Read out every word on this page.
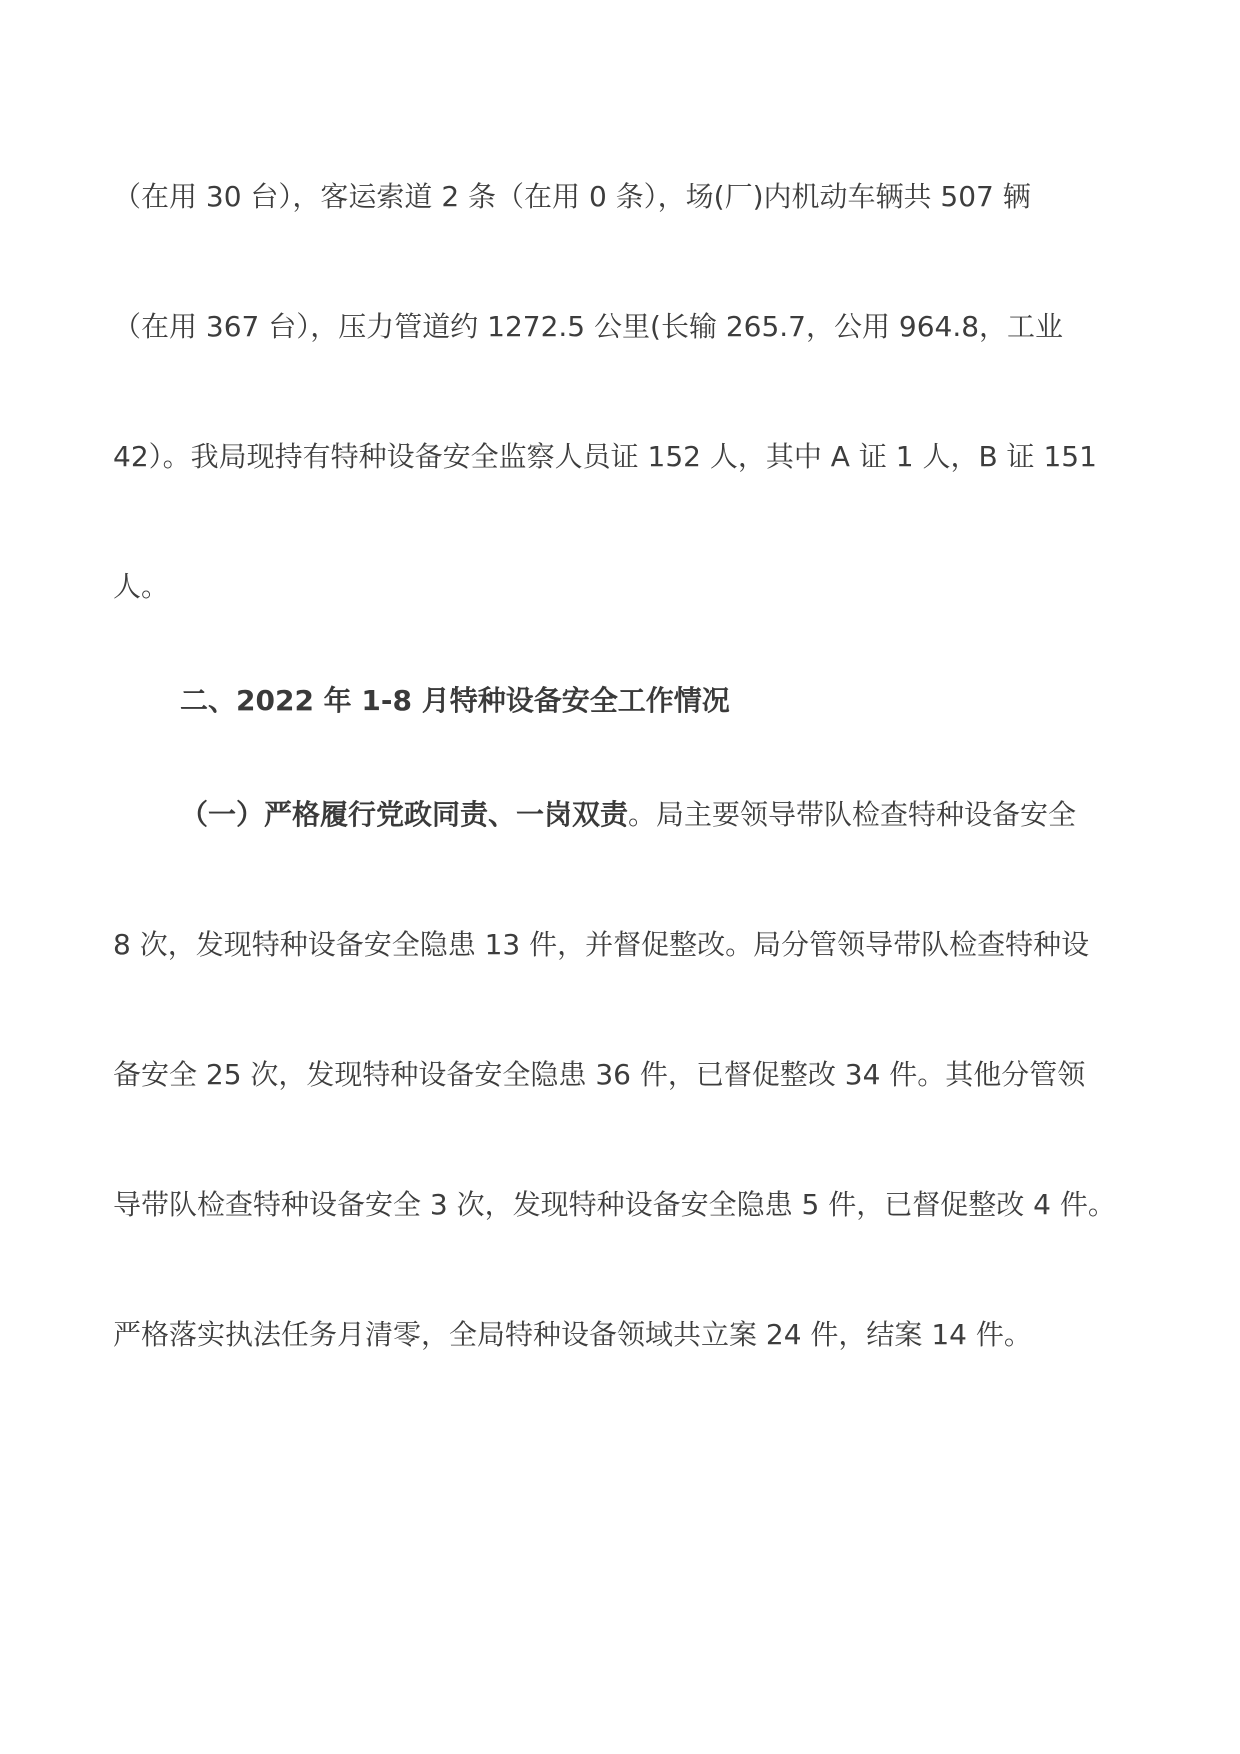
（在用 30 台），客运索道 2 条（在用 0 条），场(厂)内机动车辆共 507 辆
（在用 367 台），压力管道约 1272.5 公里(长输 265.7，公用 964.8，工业
42）。我局现持有特种设备安全监察人员证 152 人，其中 A 证 1 人，B 证 151
人。
二、2022 年 1-8 月特种设备安全工作情况
（一）严格履行党政同责、一岗双责。局主要领导带队检查特种设备安全
8 次，发现特种设备安全隐患 13 件，并督促整改。局分管领导带队检查特种设
备安全 25 次，发现特种设备安全隐患 36 件，已督促整改 34 件。其他分管领
导带队检查特种设备安全 3 次，发现特种设备安全隐患 5 件，已督促整改 4 件。
严格落实执法任务月清零，全局特种设备领域共立案 24 件，结案 14 件。
